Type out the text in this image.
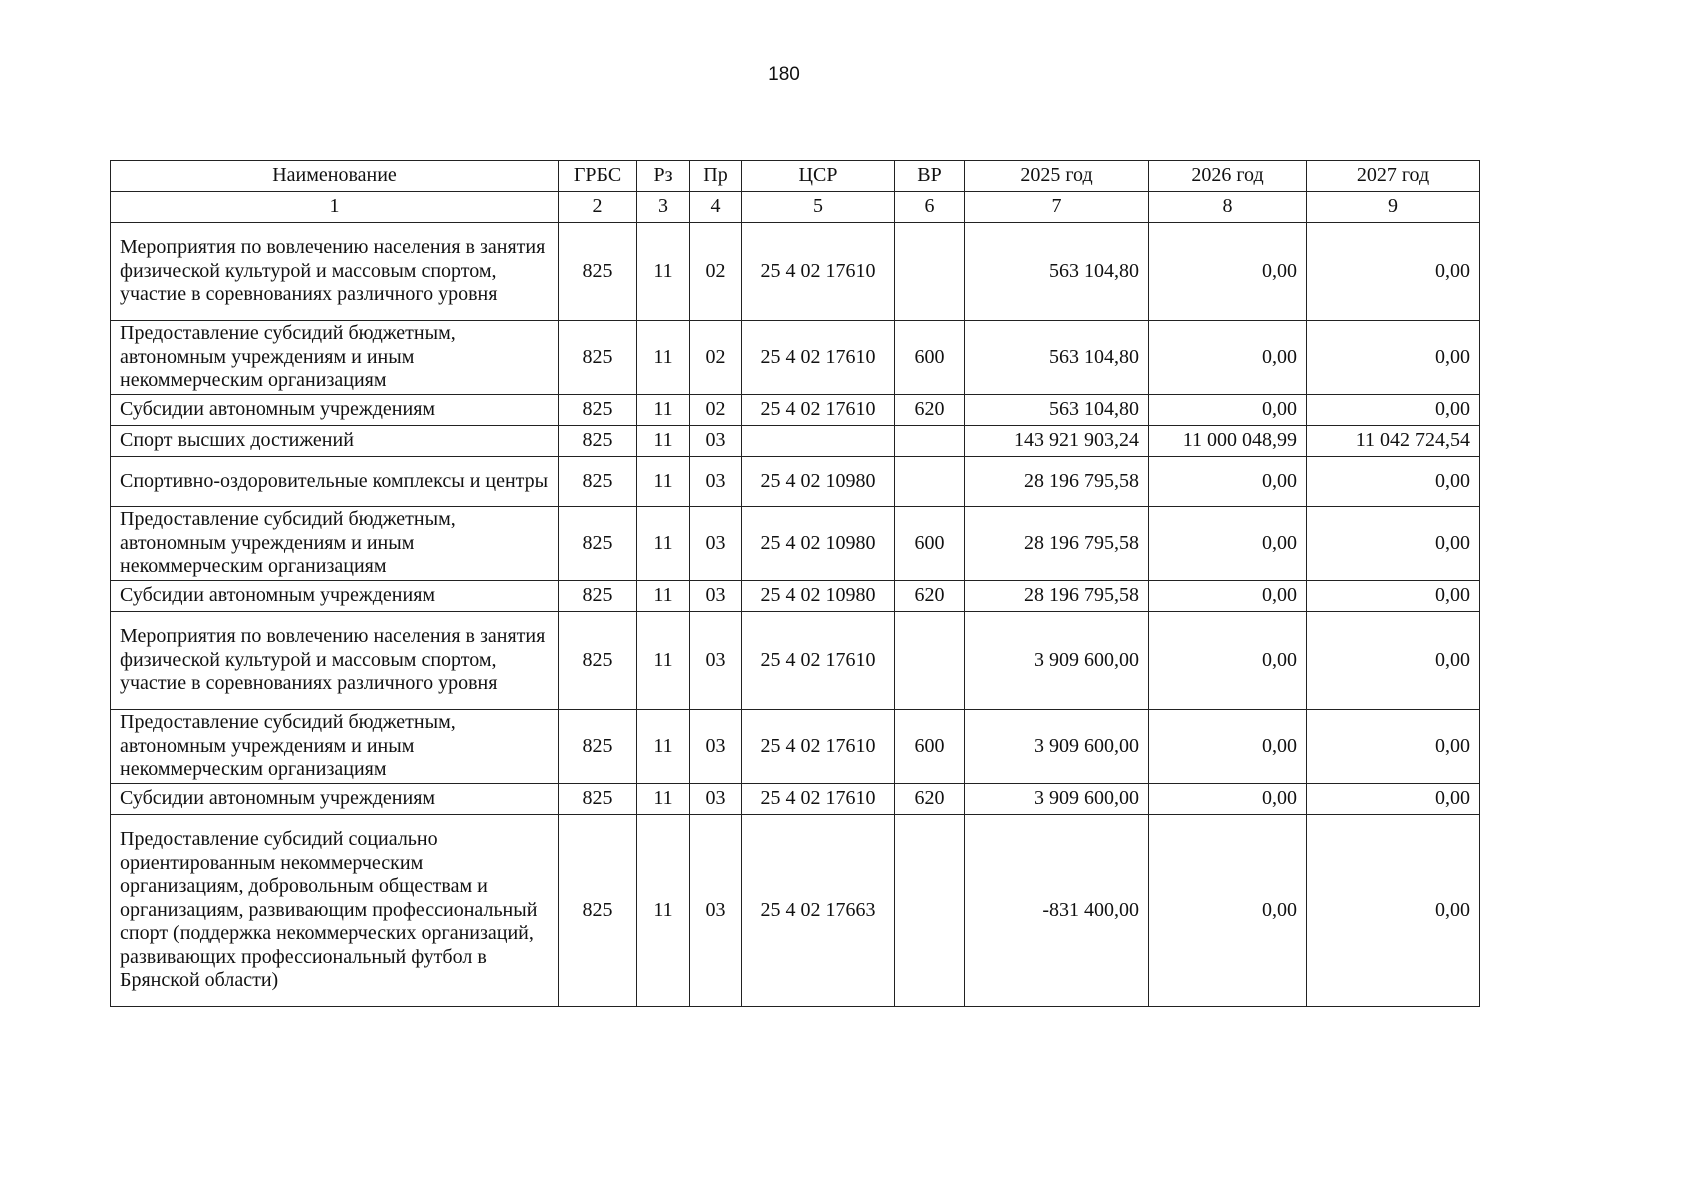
180
Наименование	ГРБС	Рз	Пр	ЦСР	ВР	2025 год	2026 год	2027 год
1	2	3	4	5	6	7	8	9
Мероприятия по вовлечению населения в занятия физической культурой и массовым спортом, участие в соревнованиях различного уровня	825	11	02	25 4 02 17610		563 104,80	0,00	0,00
Предоставление субсидий бюджетным, автономным учреждениям и иным некоммерческим организациям	825	11	02	25 4 02 17610	600	563 104,80	0,00	0,00
Субсидии автономным учреждениям	825	11	02	25 4 02 17610	620	563 104,80	0,00	0,00
Спорт высших достижений	825	11	03			143 921 903,24	11 000 048,99	11 042 724,54
Спортивно-оздоровительные комплексы и центры	825	11	03	25 4 02 10980		28 196 795,58	0,00	0,00
Предоставление субсидий бюджетным, автономным учреждениям и иным некоммерческим организациям	825	11	03	25 4 02 10980	600	28 196 795,58	0,00	0,00
Субсидии автономным учреждениям	825	11	03	25 4 02 10980	620	28 196 795,58	0,00	0,00
Мероприятия по вовлечению населения в занятия физической культурой и массовым спортом, участие в соревнованиях различного уровня	825	11	03	25 4 02 17610		3 909 600,00	0,00	0,00
Предоставление субсидий бюджетным, автономным учреждениям и иным некоммерческим организациям	825	11	03	25 4 02 17610	600	3 909 600,00	0,00	0,00
Субсидии автономным учреждениям	825	11	03	25 4 02 17610	620	3 909 600,00	0,00	0,00
Предоставление субсидий социально ориентированным некоммерческим организациям, добровольным обществам и организациям, развивающим профессиональный спорт (поддержка некоммерческих организаций, развивающих профессиональный футбол в Брянской области)	825	11	03	25 4 02 17663		-831 400,00	0,00	0,00
